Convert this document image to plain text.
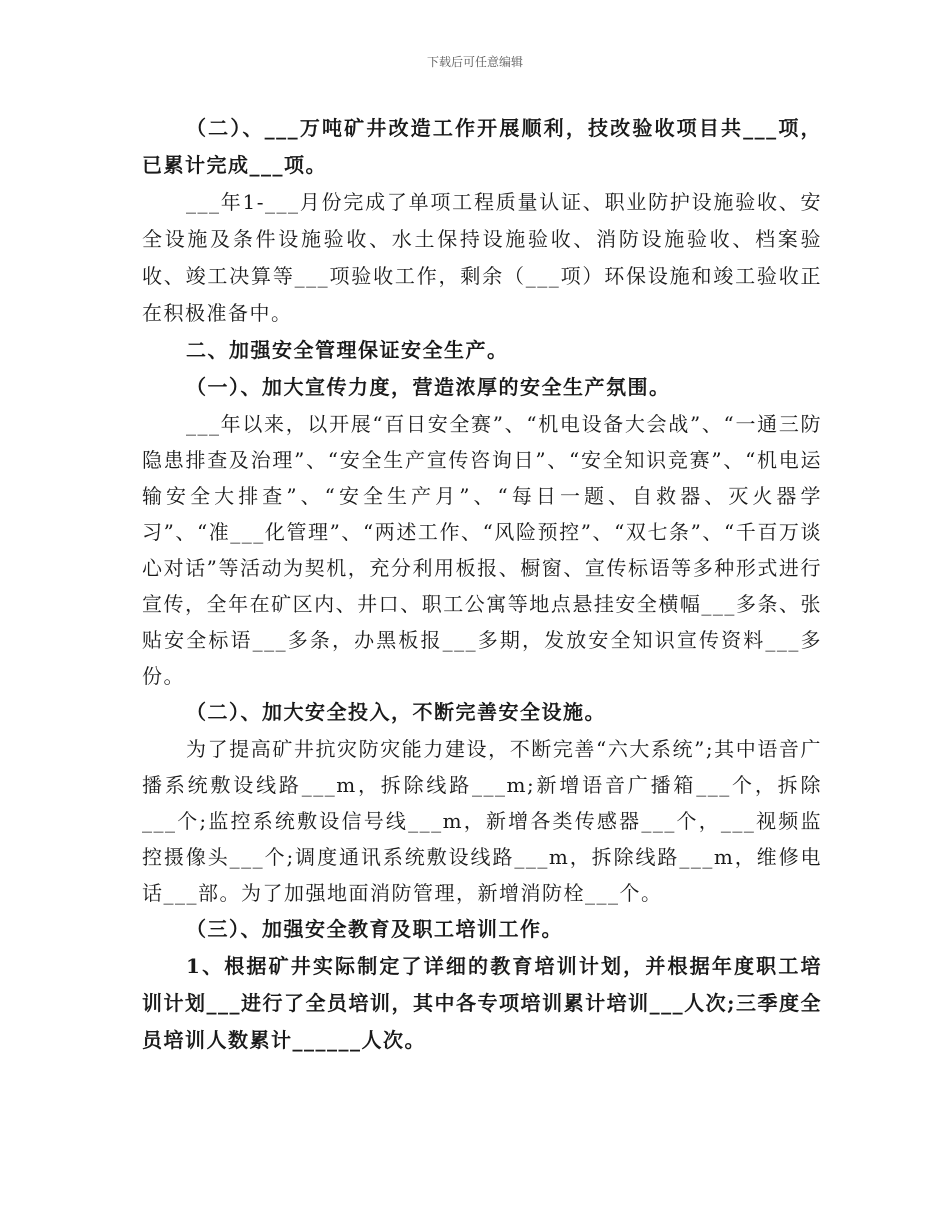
下载后可任意编辑

（二）、___万吨矿井改造工作开展顺利，技改验收项目共___项，已累计完成___项。

___年1-___月份完成了单项工程质量认证、职业防护设施验收、安全设施及条件设施验收、水土保持设施验收、消防设施验收、档案验收、竣工决算等___项验收工作，剩余（___项）环保设施和竣工验收正在积极准备中。

二、加强安全管理保证安全生产。

（一）、加大宣传力度，营造浓厚的安全生产氛围。

___年以来，以开展“百日安全赛”、“机电设备大会战”、“一通三防隐患排查及治理”、“安全生产宣传咨询日”、“安全知识竞赛”、“机电运输安全大排查”、“安全生产月”、“每日一题、自救器、灭火器学习”、“准___化管理”、“两述工作、“风险预控”、“双七条”、“千百万谈心对话”等活动为契机，充分利用板报、橱窗、宣传标语等多种形式进行宣传，全年在矿区内、井口、职工公寓等地点悬挂安全横幅___多条、张贴安全标语___多条，办黑板报___多期，发放安全知识宣传资料___多份。

（二）、加大安全投入，不断完善安全设施。

为了提高矿井抗灾防灾能力建设，不断完善“六大系统”;其中语音广播系统敷设线路___m，拆除线路___m;新增语音广播箱___个，拆除___个;监控系统敷设信号线___m，新增各类传感器___个，___视频监控摄像头___个;调度通讯系统敷设线路___m，拆除线路___m，维修电话___部。为了加强地面消防管理，新增消防栓___个。

（三）、加强安全教育及职工培训工作。

1、根据矿井实际制定了详细的教育培训计划，并根据年度职工培训计划___进行了全员培训，其中各专项培训累计培训___人次;三季度全员培训人数累计______人次。
